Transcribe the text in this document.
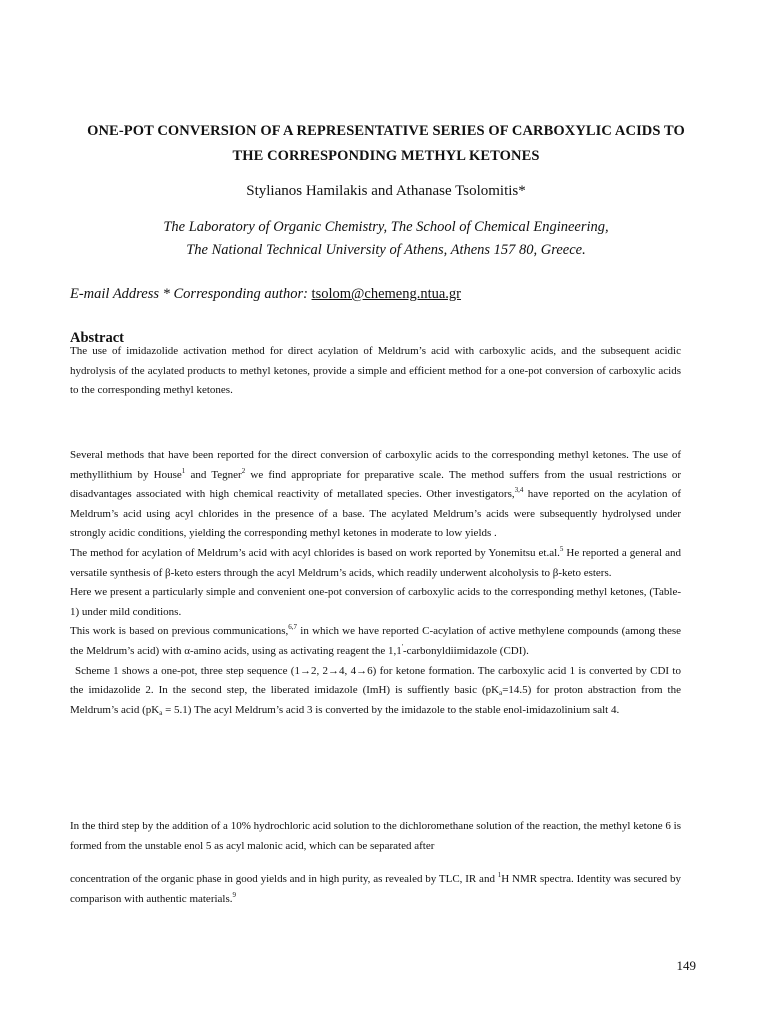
ONE-POT CONVERSION OF A REPRESENTATIVE SERIES OF CARBOXYLIC ACIDS TO
THE CORRESPONDING METHYL KETONES
Stylianos Hamilakis and Athanase Tsolomitis*
The Laboratory of Organic Chemistry, The School of Chemical Engineering,
The National Technical University of Athens, Athens 157 80, Greece.
E-mail Address * Corresponding author: tsolom@chemeng.ntua.gr
Abstract
The use of imidazolide activation method for direct acylation of Meldrum’s acid with carboxylic acids, and the subsequent acidic hydrolysis of the acylated products to methyl ketones, provide a simple and efficient method for a one-pot conversion of carboxylic acids to the corresponding methyl ketones.

Several methods that have been reported for the direct conversion of carboxylic acids to the corresponding methyl ketones. The use of methyllithium by House$^1$ and Tegner$^2$ we find appropriate for preparative scale. The method suffers from the usual restrictions or disadvantages associated with high chemical reactivity of metallated species. Other investigators,$^{3,4}$ have reported on the acylation of Meldrum’s acid using acyl chlorides in the presence of a base. The acylated Meldrum’s acids were subsequently hydrolysed under strongly acidic conditions, yielding the corresponding methyl ketones in moderate to low yields .

The method for acylation of Meldrum’s acid with acyl chlorides is based on work reported by Yonemitsu et.al.$^5$ He reported a general and versatile synthesis of β-keto esters through the acyl Meldrum’s acids, which readily underwent alcoholysis to β-keto esters.

Here we present a particularly simple and convenient one-pot conversion of carboxylic acids to the corresponding methyl ketones, (Table-1) under mild conditions.

This work is based on previous communications,$^{6,7}$ in which we have reported C-acylation of active methylene compounds (among these the Meldrum’s acid) with α-amino acids, using as activating reagent the 1,1'-carbonyldiimidazole (CDI).

Scheme 1 shows a one-pot, three step sequence (1→2, 2→4, 4→6) for ketone formation. The carboxylic acid 1 is converted by CDI to the imidazolide 2. In the second step, the liberated imidazole (ImH) is suffiently basic $(pK_a=14.5)$ for proton abstraction from the Meldrum’s acid $(pK_a = 5.1)$ The acyl Meldrum’s acid 3 is converted by the imidazole to the stable enol-imidazolinium salt 4.

In the third step by the addition of a 10% hydrochloric acid solution to the dichloromethane solution of the reaction, the methyl ketone 6 is formed from the unstable enol 5 as acyl malonic acid, which can be separated after
concentration of the organic phase in good yields and in high purity, as revealed by TLC, IR and $^1$H NMR spectra. Identity was secured by comparison with authentic materials.$^9$
149
